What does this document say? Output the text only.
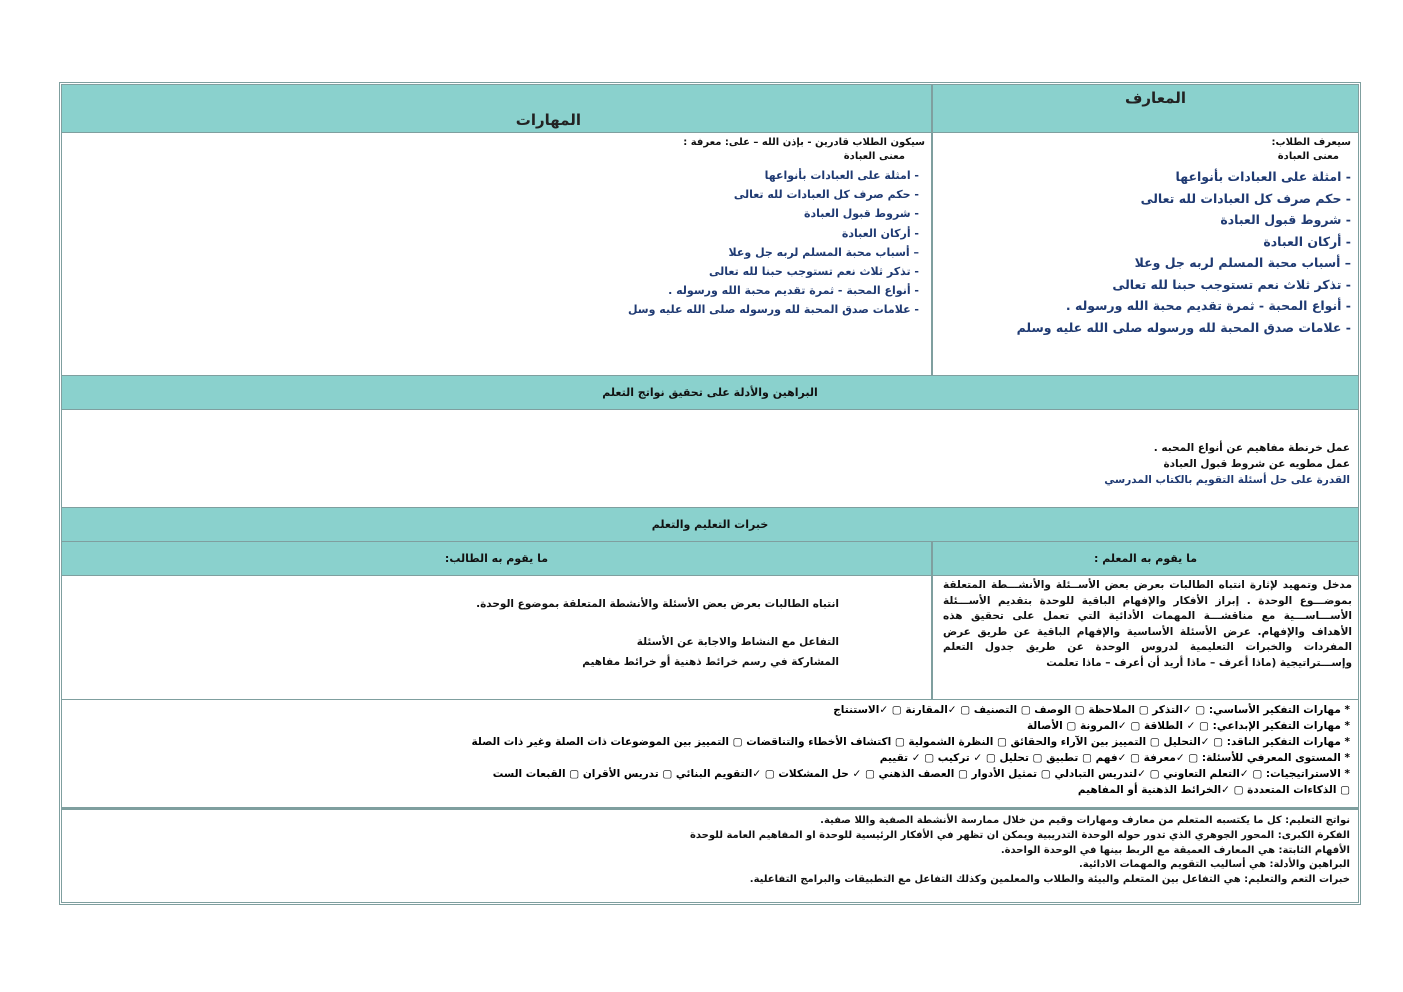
المعارف
المهارات
سيعرف الطلاب:
معنى العبادة
- امثلة على العبادات بأنواعها
- حكم صرف كل العبادات لله تعالى
- شروط قبول العبادة
- أركان العبادة
– أسباب محبة المسلم لربه جل وعلا
- تذكر ثلاث نعم تستوجب حبنا لله تعالى
- أنواع المحبة - ثمرة تقديم محبة الله ورسوله .
- علامات صدق المحبة لله ورسوله صلى الله عليه وسلم
سيكون الطلاب قادرين - بإذن الله – على: معرفة :
معنى العبادة
- امثلة على العبادات بأنواعها
- حكم صرف كل العبادات لله تعالى
- شروط قبول العبادة
- أركان العبادة
– أسباب محبة المسلم لربه جل وعلا
- تذكر ثلاث نعم تستوجب حبنا لله تعالى
- أنواع المحبة - ثمرة تقديم محبة الله ورسوله .
- علامات صدق المحبة لله ورسوله صلى الله عليه وسل
البراهين والأدلة على تحقيق نواتج التعلم
عمل خرنطة مفاهيم عن أنواع المحبه .
عمل مطويه عن شروط قبول العبادة
القدرة على حل أسئلة التقويم بالكتاب المدرسي
خبرات التعليم والتعلم
ما يقوم به المعلم :
ما يقوم به الطالب:
مدخل وتمهيد لإثارة انتباه الطالبات بعرض بعض الأســئلة والأنشـــطة المتعلقة بموضـــوع الوحدة . إبراز الأفكار والإفهام الباقية للوحدة بتقديم الأســـئلة الأســـاســـية مع مناقشـــة المهمات الأدائية التي تعمل على تحقيق هذه الأهداف والإفهام. عرض الأسئلة الأساسية والإفهام الباقية عن طريق عرض المفردات والخبرات التعليمية لدروس الوحدة عن طريق جدول التعلم وإســـتراتيجية (ماذا أعرف – ماذا أريد أن أعرف – ماذا تعلمت
انتباه الطالبات بعرض بعض الأسئلة والأنشطة المتعلقة بموضوع الوحدة.
التفاعل مع النشاط والاجابة عن الأسئلة
المشاركة في رسم خرائط ذهنية أو خرائط مفاهيم
* مهارات التفكير الأساسي: ▢ ✓التذكر ▢ الملاحظة ▢ الوصف ▢ التصنيف ▢ ✓المقارنة ▢ ✓الاستنتاج
* مهارات التفكير الإبداعي: ▢ ✓ الطلاقة ▢ ✓المرونة ▢ الأصالة
* مهارات التفكير الناقد: ▢ ✓التحليل ▢ التمييز بين الآراء والحقائق ▢ النظرة الشمولية ▢ اكتشاف الأخطاء والتناقضات ▢ التمييز بين الموضوعات ذات الصلة وغير ذات الصلة
* المستوى المعرفي للأسئلة: ▢ ✓معرفة ▢ ✓فهم ▢ تطبيق ▢ تحليل ▢ ✓ تركيب ▢ ✓ تقييم
* الاستراتيجيات: ▢ ✓التعلم التعاوني ▢ ✓لتدريس التبادلي ▢ تمثيل الأدوار ▢ العصف الذهني ▢ ✓ حل المشكلات ▢ ✓التقويم البنائي ▢ تدريس الأقران ▢ القبعات الست
▢ الذكاءات المتعددة ▢ ✓الخرائط الذهنية أو المفاهيم
نواتج التعليم: كل ما يكتسبه المتعلم من معارف ومهارات وقيم من خلال ممارسة الأنشطة الصفية واللا صفية.
الفكرة الكبرى: المحور الجوهري الذي تدور حوله الوحدة التدريبية ويمكن ان تظهر في الأفكار الرئيسية للوحدة او المفاهيم العامة للوحدة
الأفهام الثابتة: هي المعارف العميقة مع الربط بينها في الوحدة الواحدة.
البراهين والأدلة: هي أساليب التقويم والمهمات الادائية.
خبرات التعم والتعليم: هي التفاعل بين المتعلم والبيئة والطلاب والمعلمين وكذلك التفاعل مع التطبيقات والبرامج التفاعلية.
